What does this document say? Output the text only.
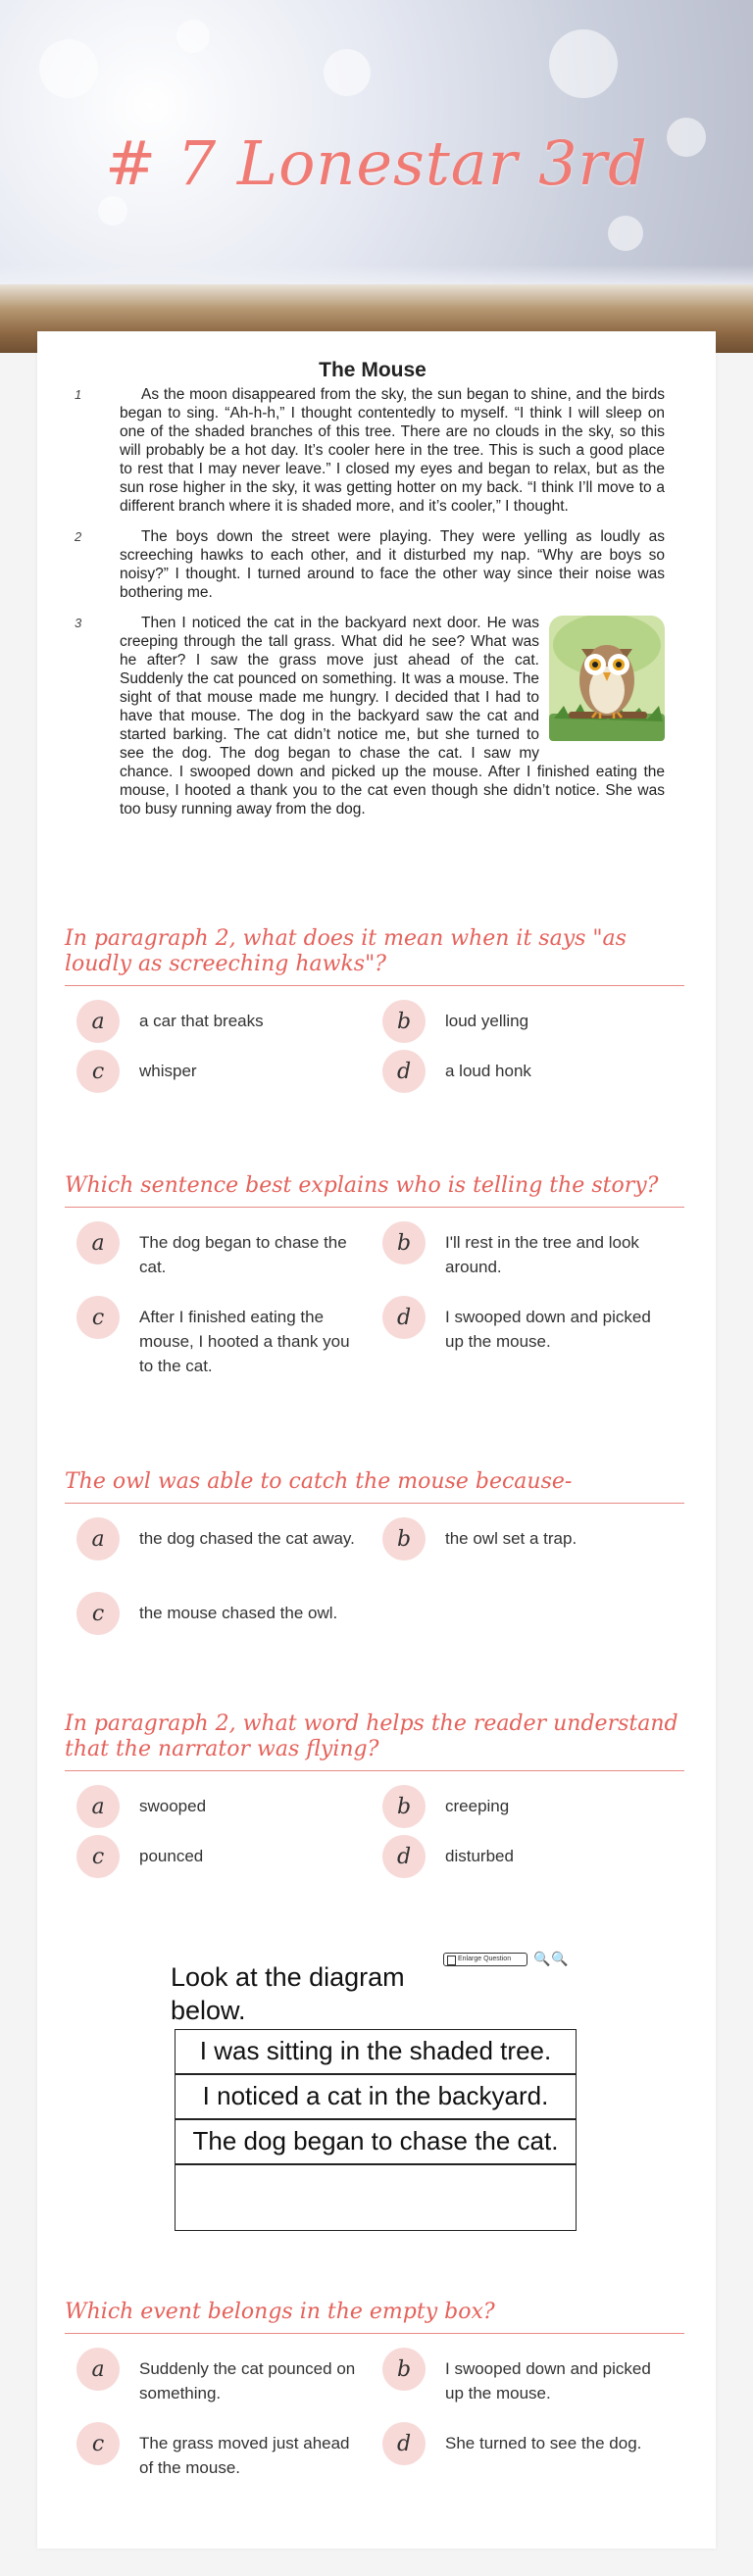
# 7 Lonestar 3rd
The Mouse
1	As the moon disappeared from the sky, the sun began to shine, and the birds began to sing. “Ah-h-h,” I thought contentedly to myself. “I think I will sleep on one of the shaded branches of this tree. There are no clouds in the sky, so this will probably be a hot day. It’s cooler here in the tree. This is such a good place to rest that I may never leave.” I closed my eyes and began to relax, but as the sun rose higher in the sky, it was getting hotter on my back. “I think I’ll move to a different branch where it is shaded more, and it’s cooler,” I thought.
2	The boys down the street were playing. They were yelling as loudly as screeching hawks to each other, and it disturbed my nap. “Why are boys so noisy?” I thought. I turned around to face the other way since their noise was bothering me.
3	Then I noticed the cat in the backyard next door. He was creeping through the tall grass. What did he see? What was he after? I saw the grass move just ahead of the cat. Suddenly the cat pounced on something. It was a mouse. The sight of that mouse made me hungry. I decided that I had to have that mouse. The dog in the backyard saw the cat and started barking. The cat didn’t notice me, but she turned to see the dog. The dog began to chase the cat. I saw my chance. I swooped down and picked up the mouse. After I finished eating the mouse, I hooted a thank you to the cat even though she didn’t notice. She was too busy running away from the dog.
In paragraph 2, what does it mean when it says "as loudly as screeching hawks"?
a	a car that breaks	b	loud yelling
c	whisper	d	a loud honk
Which sentence best explains who is telling the story?
a	The dog began to chase the cat.
b	I'll rest in the tree and look around.
c	After I finished eating the mouse, I hooted a thank you to the cat.
d	I swooped down and picked up the mouse.
The owl was able to catch the mouse because-
a	the dog chased the cat away.	b	the owl set a trap.
c	the mouse chased the owl.
In paragraph 2, what word helps the reader understand that the narrator was flying?
a	swooped	b	creeping
c	pounced	d	disturbed
Look at the diagram below.
Enlarge Question	🔍 🔍
I was sitting in the shaded tree.
I noticed a cat in the backyard.
The dog began to chase the cat.
Which event belongs in the empty box?
a	Suddenly the cat pounced on something.
b	I swooped down and picked up the mouse.
c	The grass moved just ahead of the mouse.
d	She turned to see the dog.
